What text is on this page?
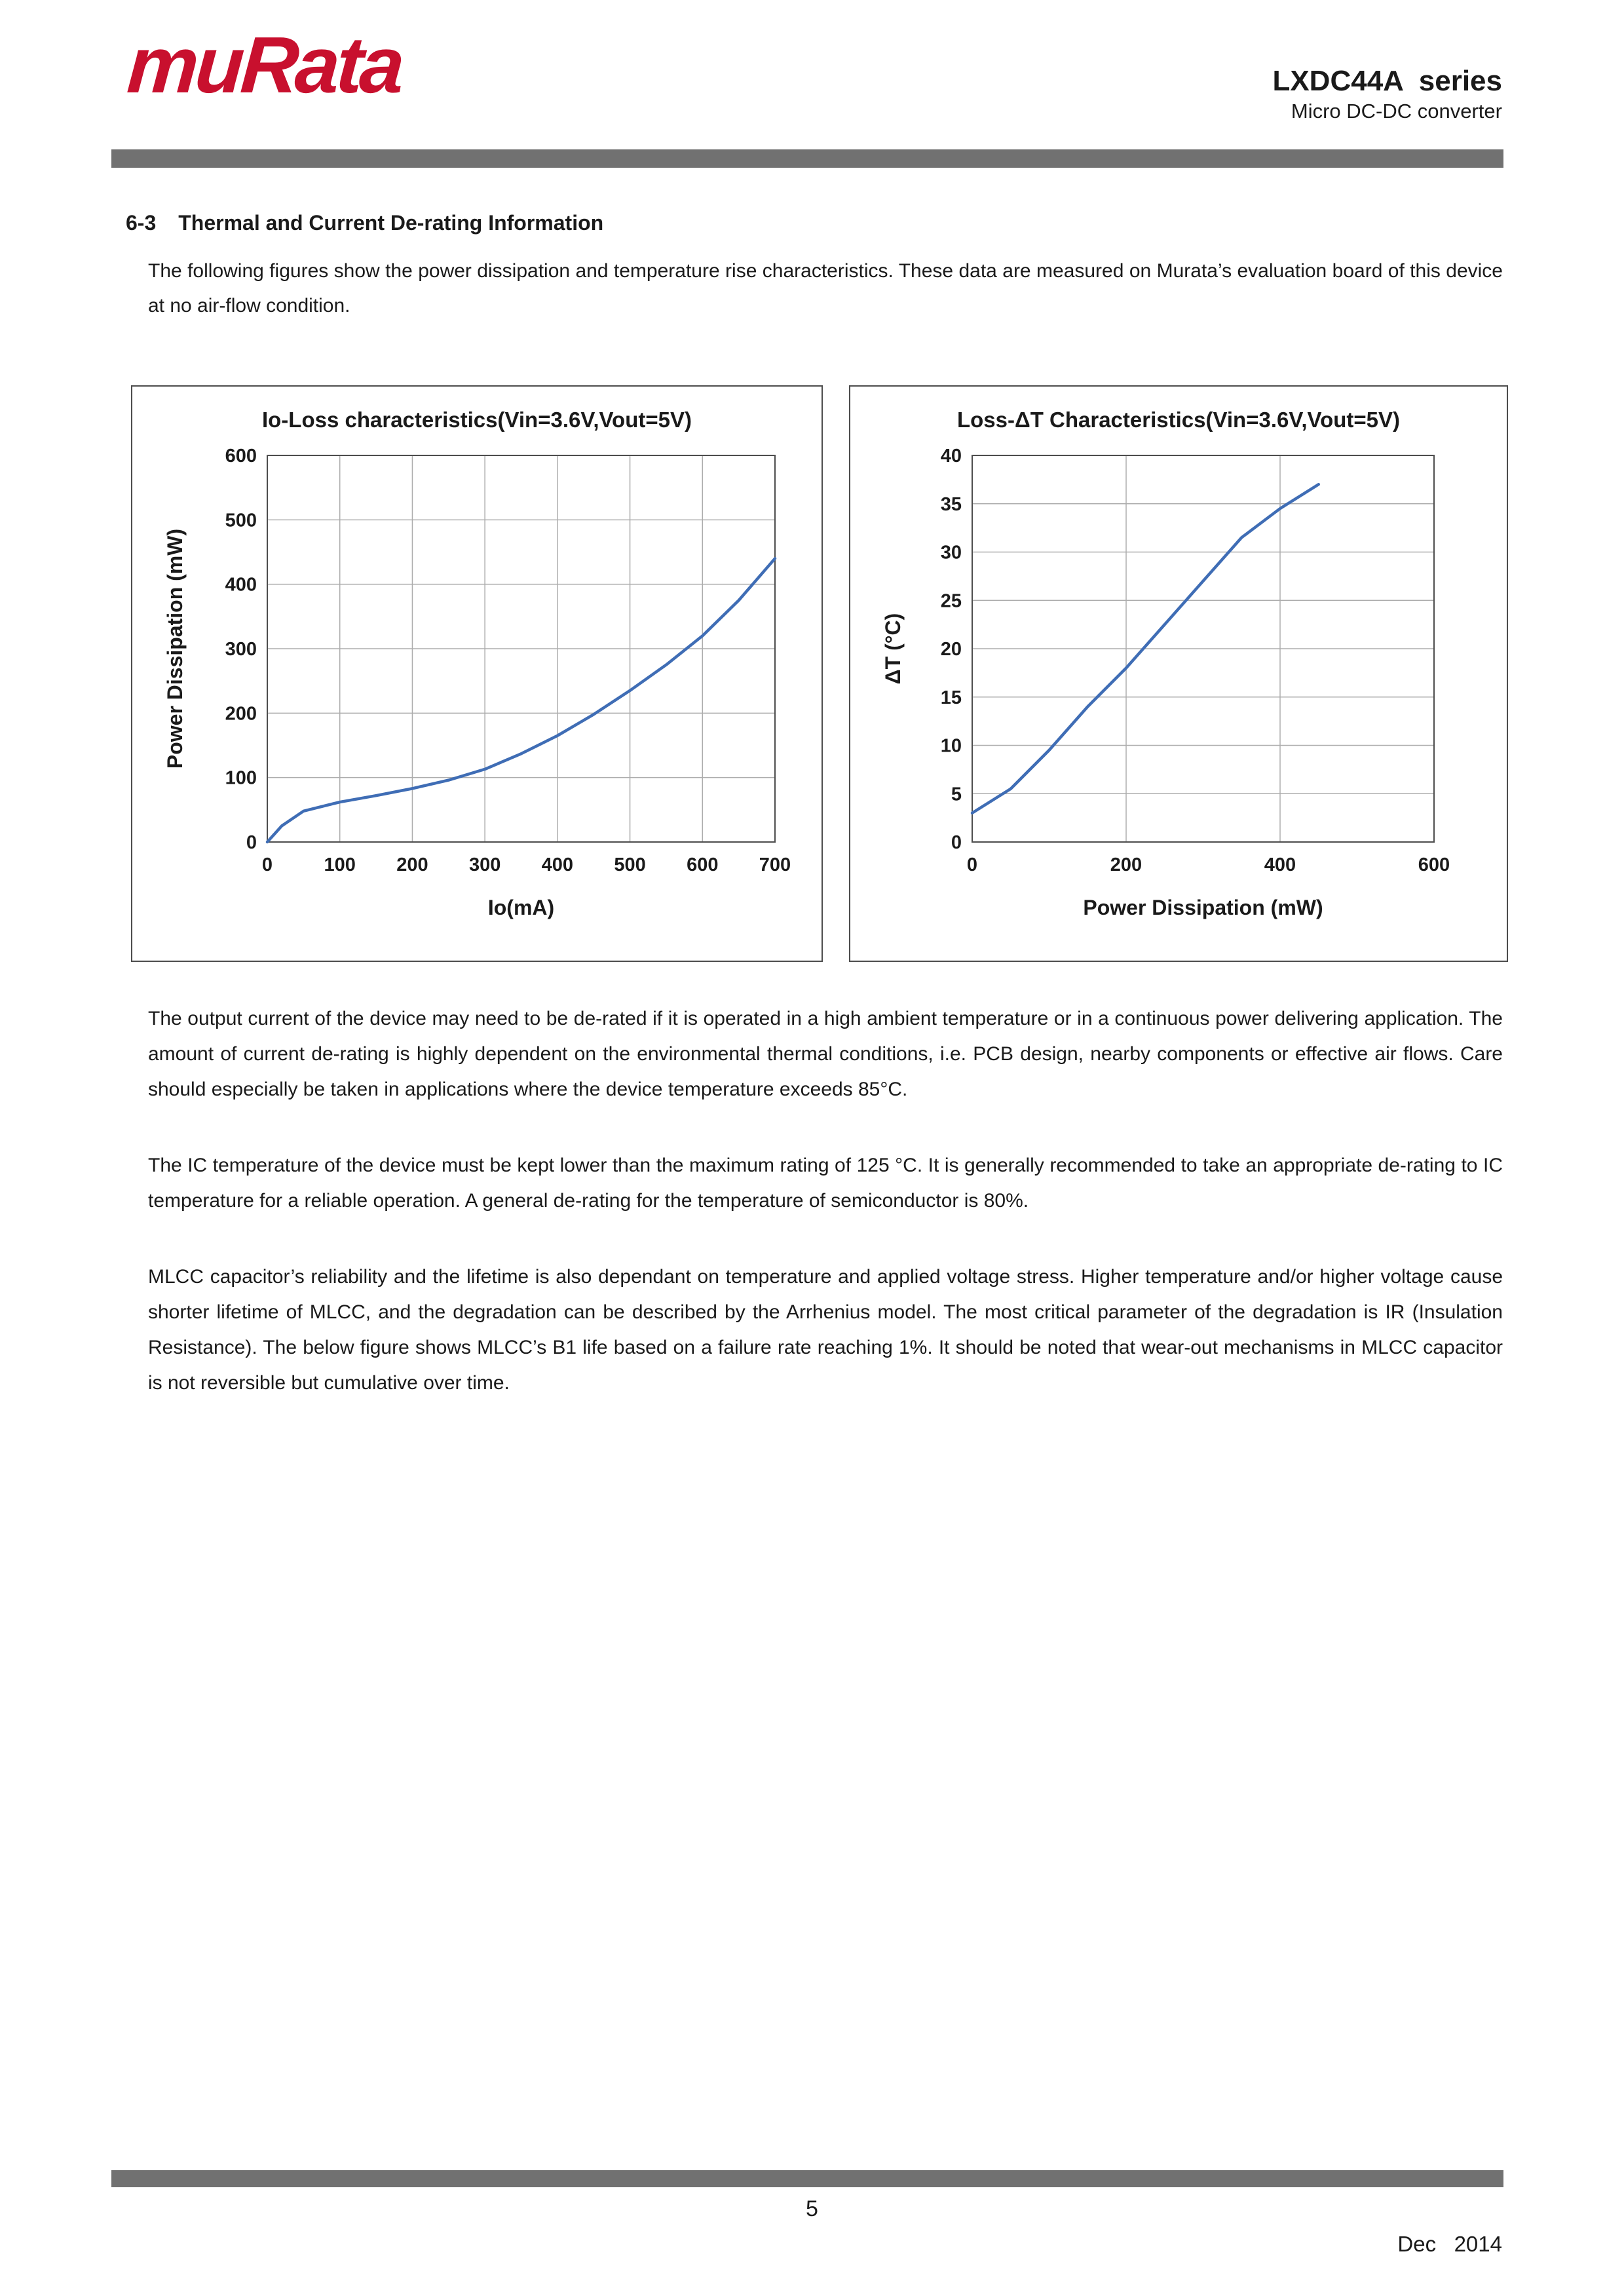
muRata	LXDC44A  series
Micro DC-DC converter
6-3 Thermal and Current De-rating Information
The following figures show the power dissipation and temperature rise characteristics. These data are measured on Murata’s evaluation board of this device at no air-flow condition.
Io-Loss characteristics(Vin=3.6V,Vout=5V)
0	100 200 300 400 500 600 700
0
100
200
300
400
500
600
Io(mA)
Power Dissipation (mW)
Loss-ΔT Characteristics(Vin=3.6V,Vout=5V)
0	200	400	600
0
5
10
15
20
25
30
35
40
Power Dissipation (mW)
ΔT (°C)

The output current of the device may need to be de-rated if it is operated in a high ambient temperature or in a continuous power delivering application. The amount of current de-rating is highly dependent on the environmental thermal conditions, i.e. PCB design, nearby components or effective air flows. Care should especially be taken in applications where the device temperature exceeds 85°C.

The IC temperature of the device must be kept lower than the maximum rating of 125 °C. It is generally recommended to take an appropriate de-rating to IC temperature for a reliable operation. A general de-rating for the temperature of semiconductor is 80%.

MLCC capacitor’s reliability and the lifetime is also dependant on temperature and applied voltage stress. Higher temperature and/or higher voltage cause shorter lifetime of MLCC, and the degradation can be described by the Arrhenius model. The most critical parameter of the degradation is IR (Insulation Resistance). The below figure shows MLCC’s B1 life based on a failure rate reaching 1%. It should be noted that wear-out mechanisms in MLCC capacitor is not reversible but cumulative over time.

5
Dec   2014
